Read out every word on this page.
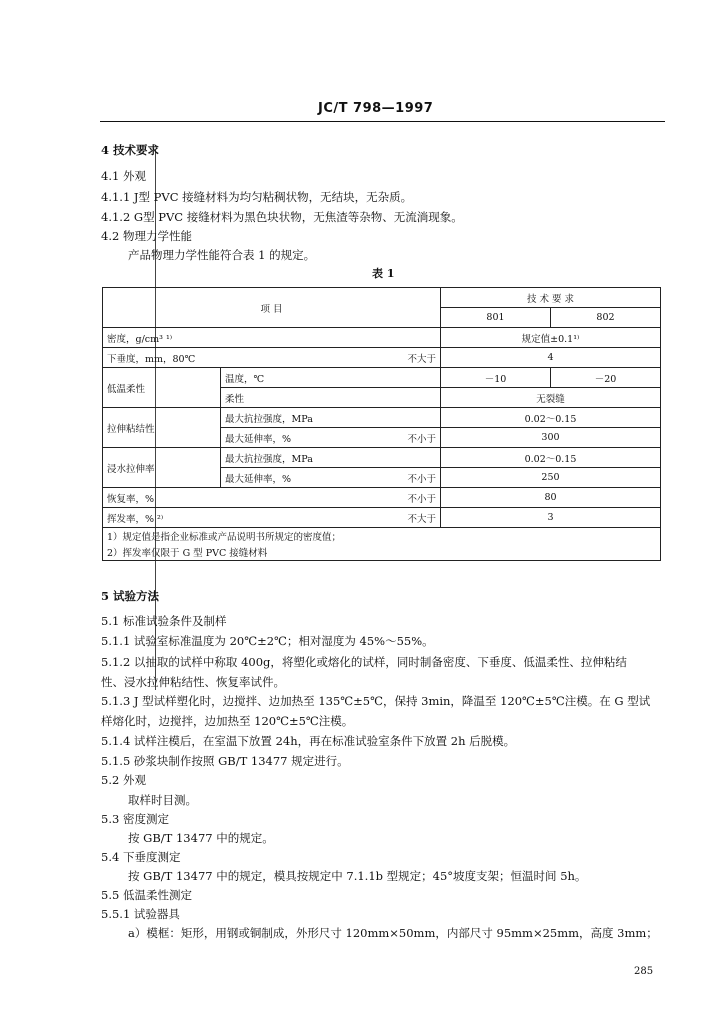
JC/T 798—1997
4 技术要求
4.1 外观
4.1.1 J型 PVC 接缝材料为均匀粘稠状物，无结块，无杂质。
4.1.2 G型 PVC 接缝材料为黑色块状物，无焦渣等杂物、无流淌现象。
4.2 物理力学性能
产品物理力学性能符合表 1 的规定。
表 1
项 目		技 术 要 求	
		801	802
密度，g/cm³ ¹⁾		规定值±0.1¹⁾	

下垂度，mm，80℃ 不大于		4	
低温柔性	温度，℃	－10	－20
	柔性	无裂缝	
拉伸粘结性	最大抗拉强度，MPa	0.02～0.15	

	最大延伸率，% 不小于	300	
浸水拉伸率	最大抗拉强度，MPa	0.02～0.15	

	最大延伸率，% 不小于	250	

恢复率，% 不小于		80	

挥发率，% ²⁾ 不大于		3	
1）规定值是指企业标准或产品说明书所规定的密度值；			
2）挥发率仅限于 G 型 PVC 接缝材料			
5 试验方法
5.1 标准试验条件及制样
5.1.1 试验室标准温度为 20℃±2℃；相对湿度为 45%～55%。
5.1.2 以抽取的试样中称取 400g，将塑化或熔化的试样，同时制备密度、下垂度、低温柔性、拉伸粘结
性、浸水拉伸粘结性、恢复率试件。
5.1.3 J 型试样塑化时，边搅拌、边加热至 135℃±5℃，保持 3min，降温至 120℃±5℃注模。在 G 型试
样熔化时，边搅拌，边加热至 120℃±5℃注模。
5.1.4 试样注模后，在室温下放置 24h，再在标准试验室条件下放置 2h 后脱模。
5.1.5 砂浆块制作按照 GB/T 13477 规定进行。
5.2 外观
取样时目测。
5.3 密度测定
按 GB/T 13477 中的规定。
5.4 下垂度测定
按 GB/T 13477 中的规定，模具按规定中 7.1.1b 型规定；45°坡度支架；恒温时间 5h。
5.5 低温柔性测定
5.5.1 试验器具
a）模框：矩形，用钢或铜制成，外形尺寸 120mm×50mm，内部尺寸 95mm×25mm，高度 3mm；
285
